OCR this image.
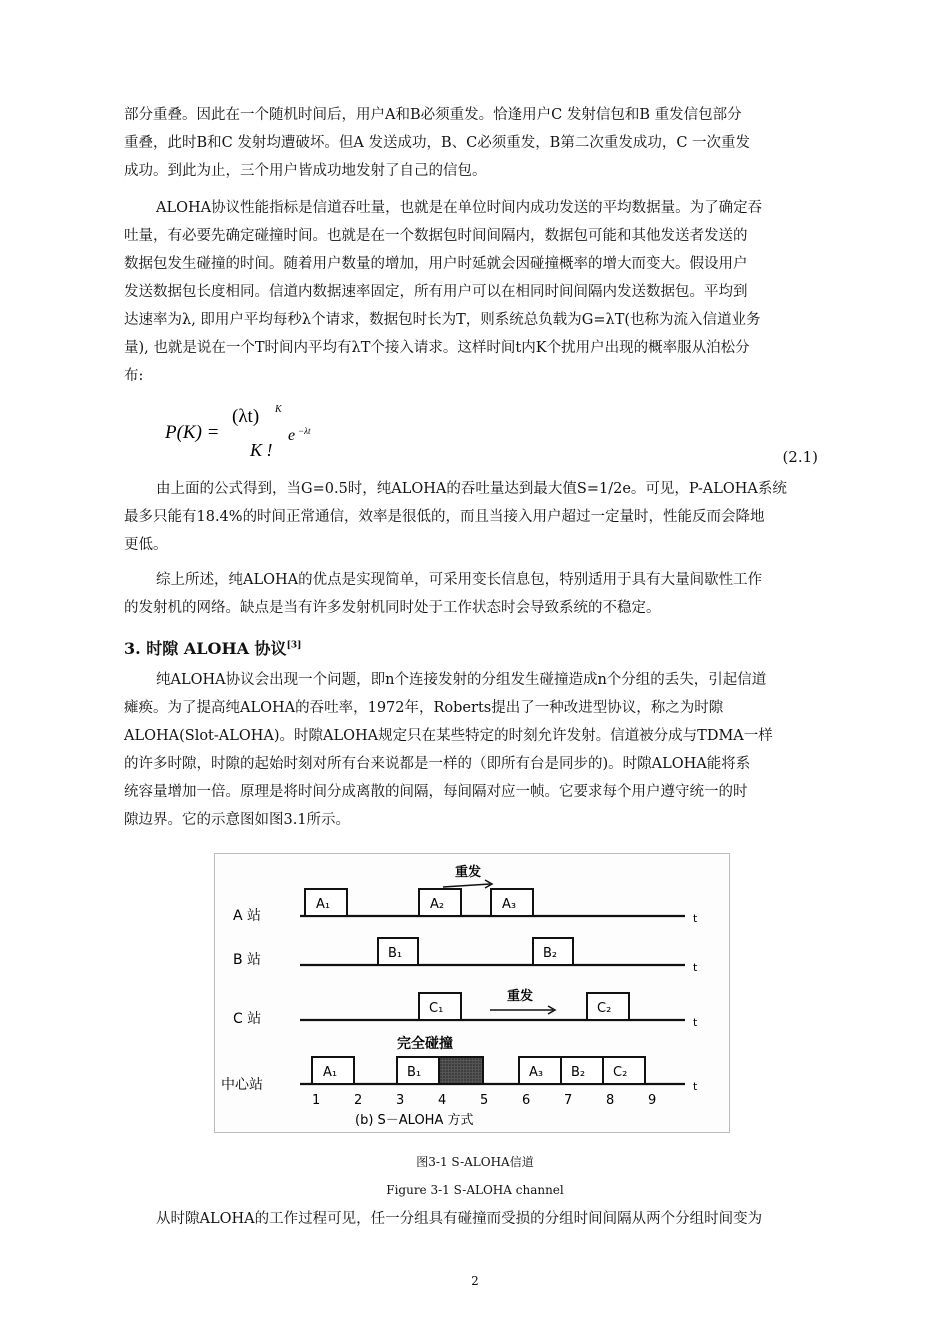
部分重叠。因此在一个随机时间后，用户A和B必须重发。恰逢用户C 发射信包和B 重发信包部分
重叠，此时B和C 发射均遭破坏。但A 发送成功，B、C必须重发，B第二次重发成功，C 一次重发
成功。到此为止，三个用户皆成功地发射了自己的信包。
ALOHA协议性能指标是信道吞吐量，也就是在单位时间内成功发送的平均数据量。为了确定吞
吐量，有必要先确定碰撞时间。也就是在一个数据包时间间隔内，数据包可能和其他发送者发送的
数据包发生碰撞的时间。随着用户数量的增加，用户时延就会因碰撞概率的增大而变大。假设用户
发送数据包长度相同。信道内数据速率固定，所有用户可以在相同时间间隔内发送数据包。平均到
达速率为λ, 即用户平均每秒λ个请求，数据包时长为T，则系统总负载为G=λT(也称为流入信道业务
量), 也就是说在一个T时间内平均有λT个接入请求。这样时间t内K个扰用户出现的概率服从泊松分
布:
P(K) =
(λt) K
K !
e −λt
(2.1)
由上面的公式得到，当G=0.5时，纯ALOHA的吞吐量达到最大值S=1/2e。可见，P-ALOHA系统
最多只能有18.4%的时间正常通信，效率是很低的，而且当接入用户超过一定量时，性能反而会降地
更低。
综上所述，纯ALOHA的优点是实现简单，可采用变长信息包，特别适用于具有大量间歇性工作
的发射机的网络。缺点是当有许多发射机同时处于工作状态时会导致系统的不稳定。
3. 时隙 ALOHA 协议[3]
纯ALOHA协议会出现一个问题，即n个连接发射的分组发生碰撞造成n个分组的丢失，引起信道
瘫痪。为了提高纯ALOHA的吞吐率，1972年，Roberts提出了一种改进型协议，称之为时隙
ALOHA(Slot-ALOHA)。时隙ALOHA规定只在某些特定的时刻允许发射。信道被分成与TDMA一样
的许多时隙，时隙的起始时刻对所有台来说都是一样的（即所有台是同步的)。时隙ALOHA能将系
统容量增加一倍。原理是将时间分成离散的间隔，每间隔对应一帧。它要求每个用户遵守统一的时
隙边界。它的示意图如图3.1所示。
A 站
A₁	A₂	A₃
重发
t
B 站	B₁	B₂
t
C 站
C₁	C₂
重发
t
完全碰撞
中心站
A₁	B₁	A₃ B₂ C₂
t
1	2	3	4	5	6	7	8	9
(b) S－ALOHA 方式
图3-1 S-ALOHA信道
Figure 3-1 S-ALOHA channel
从时隙ALOHA的工作过程可见，任一分组具有碰撞而受损的分组时间间隔从两个分组时间变为
2
